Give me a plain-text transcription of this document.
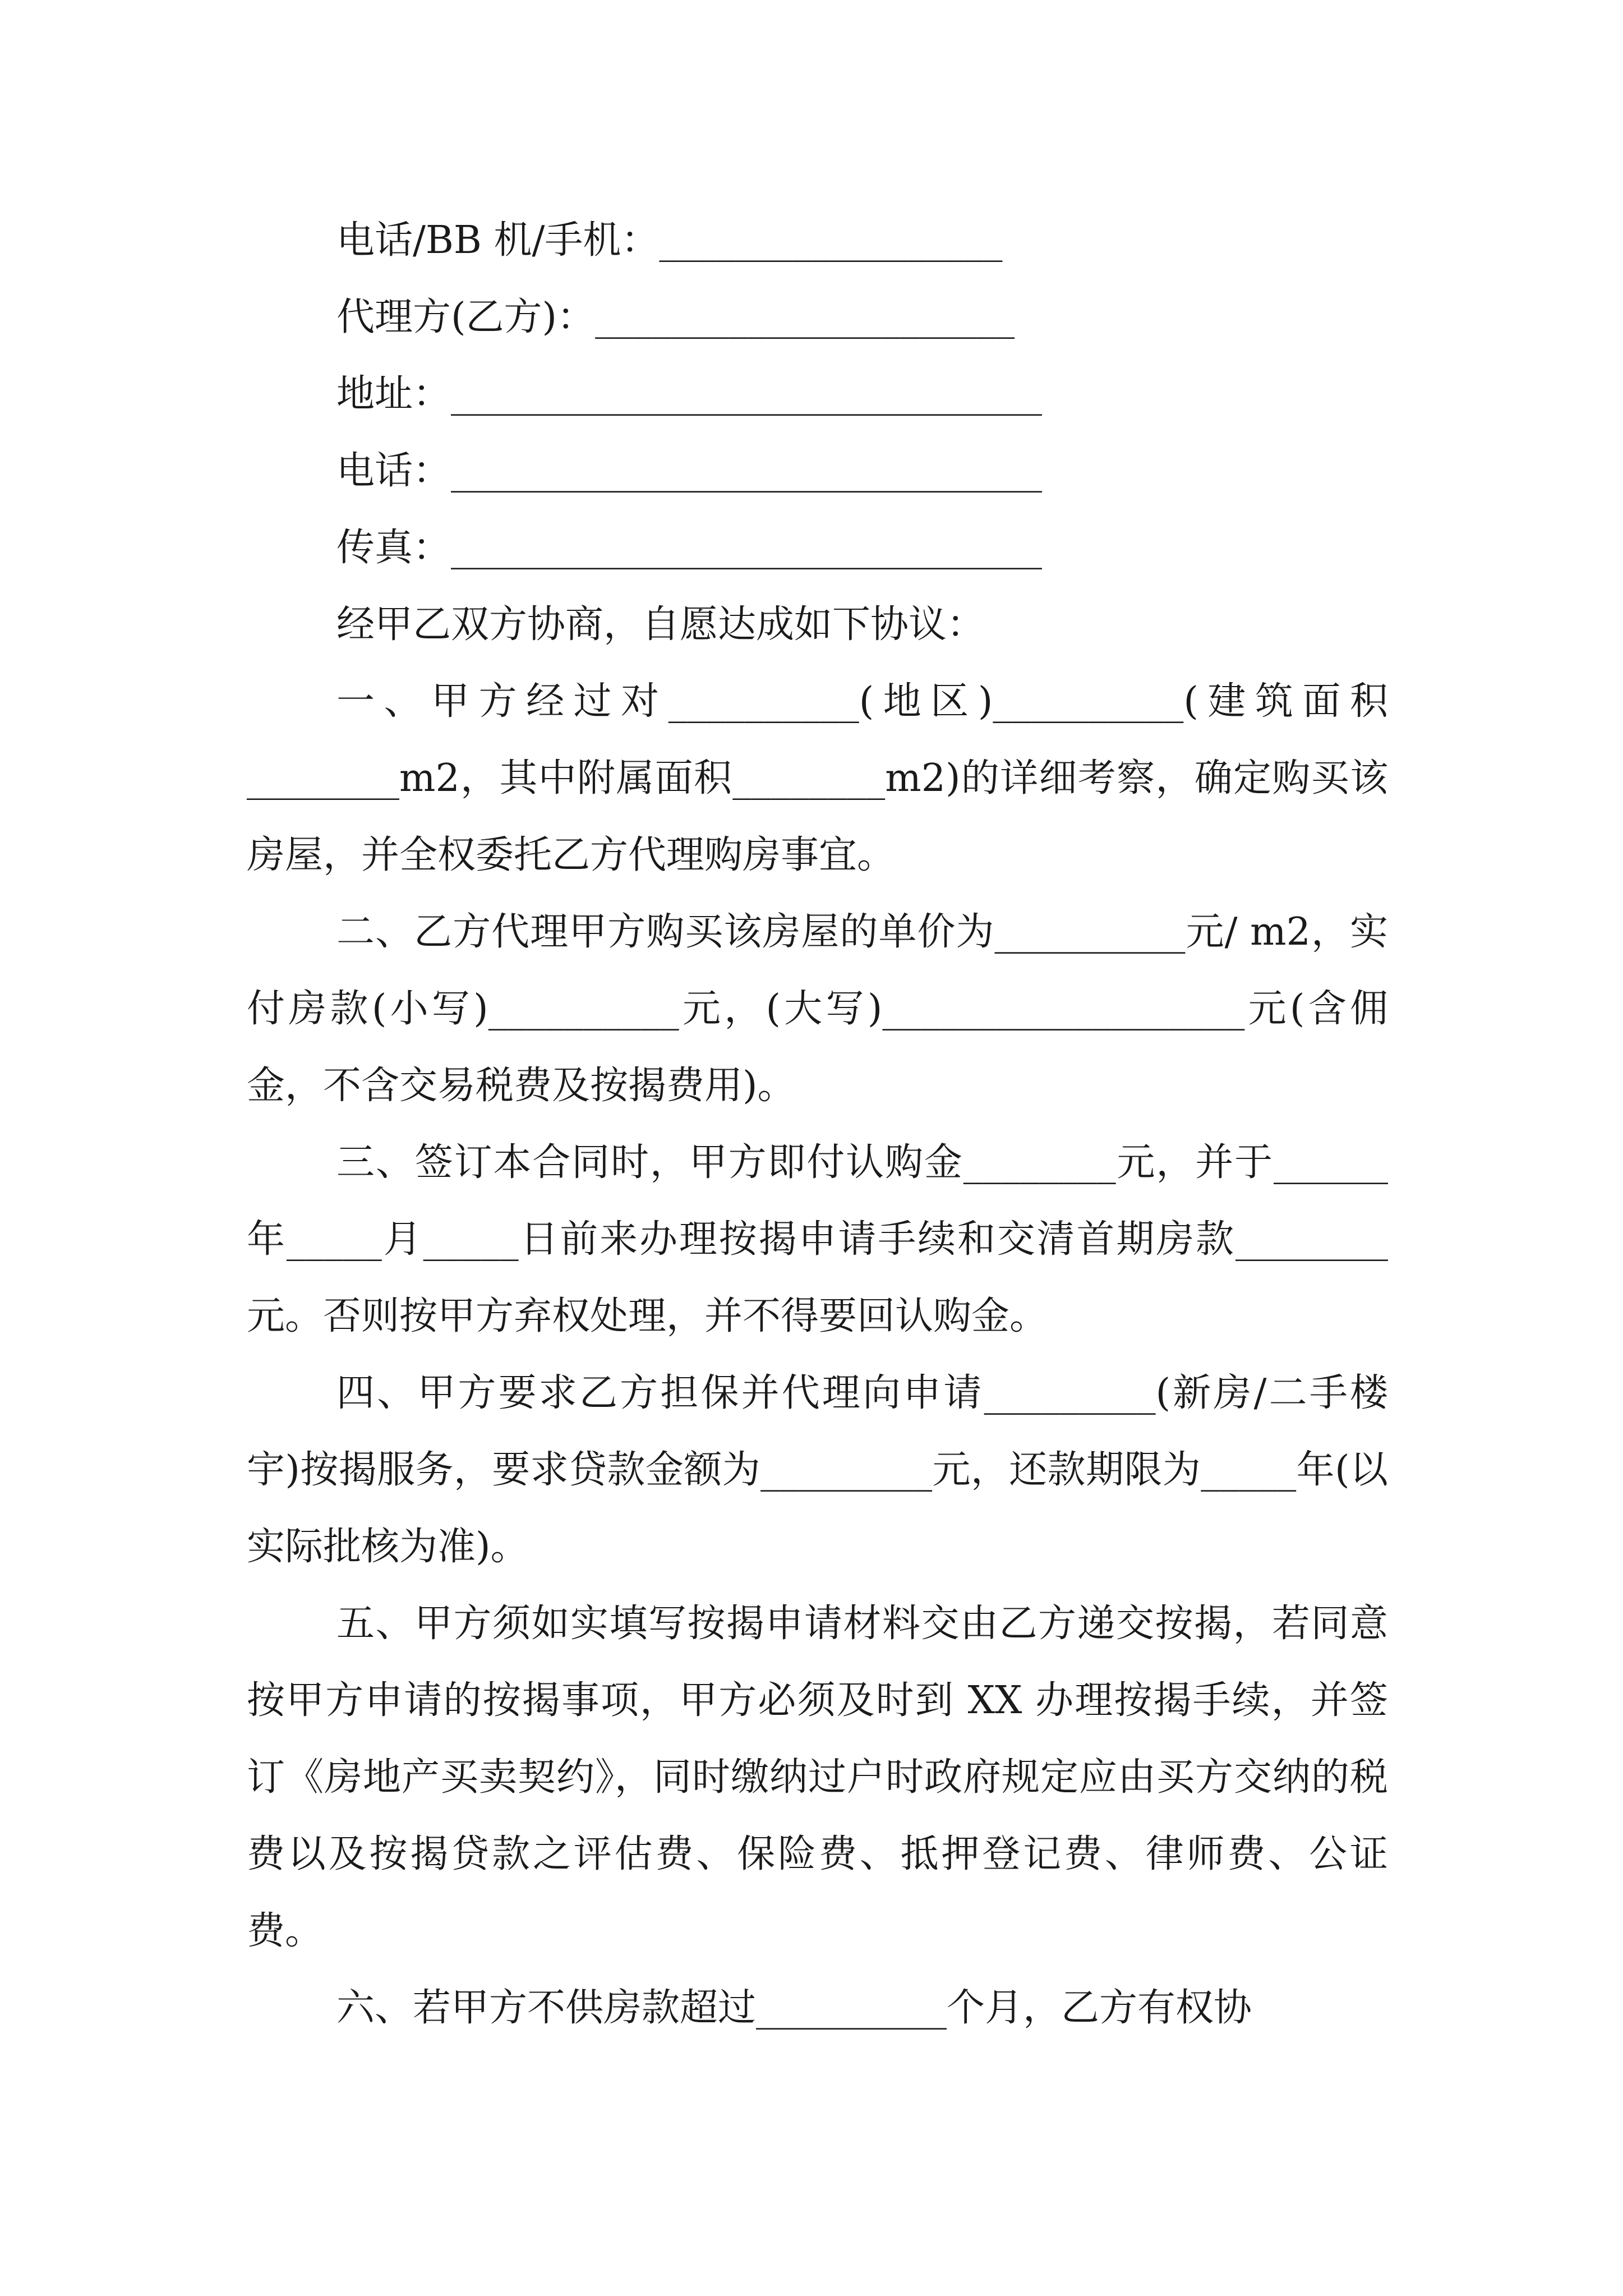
电话/BB 机/手机：__________________
代理方(乙方)：______________________
地址：_______________________________
电话：_______________________________
传真：_______________________________
经甲乙双方协商，自愿达成如下协议：

一、甲方经过对__________(地区)__________(建筑面积________m2，其中附属面积________m2)的详细考察，确定购买该房屋，并全权委托乙方代理购房事宜。

二、乙方代理甲方购买该房屋的单价为__________元/ m2，实付房款(小写)__________元，(大写)___________________元(含佣金，不含交易税费及按揭费用)。

三、签订本合同时，甲方即付认购金________元，并于______年_____月_____日前来办理按揭申请手续和交清首期房款________元。否则按甲方弃权处理，并不得要回认购金。

四、甲方要求乙方担保并代理向申请_________(新房/二手楼宇)按揭服务，要求贷款金额为_________元，还款期限为_____年(以实际批核为准)。

五、甲方须如实填写按揭申请材料交由乙方递交按揭，若同意按甲方申请的按揭事项，甲方必须及时到 XX 办理按揭手续，并签订《房地产买卖契约》，同时缴纳过户时政府规定应由买方交纳的税费以及按揭贷款之评估费、保险费、抵押登记费、律师费、公证费。

六、若甲方不供房款超过__________个月，乙方有权协
